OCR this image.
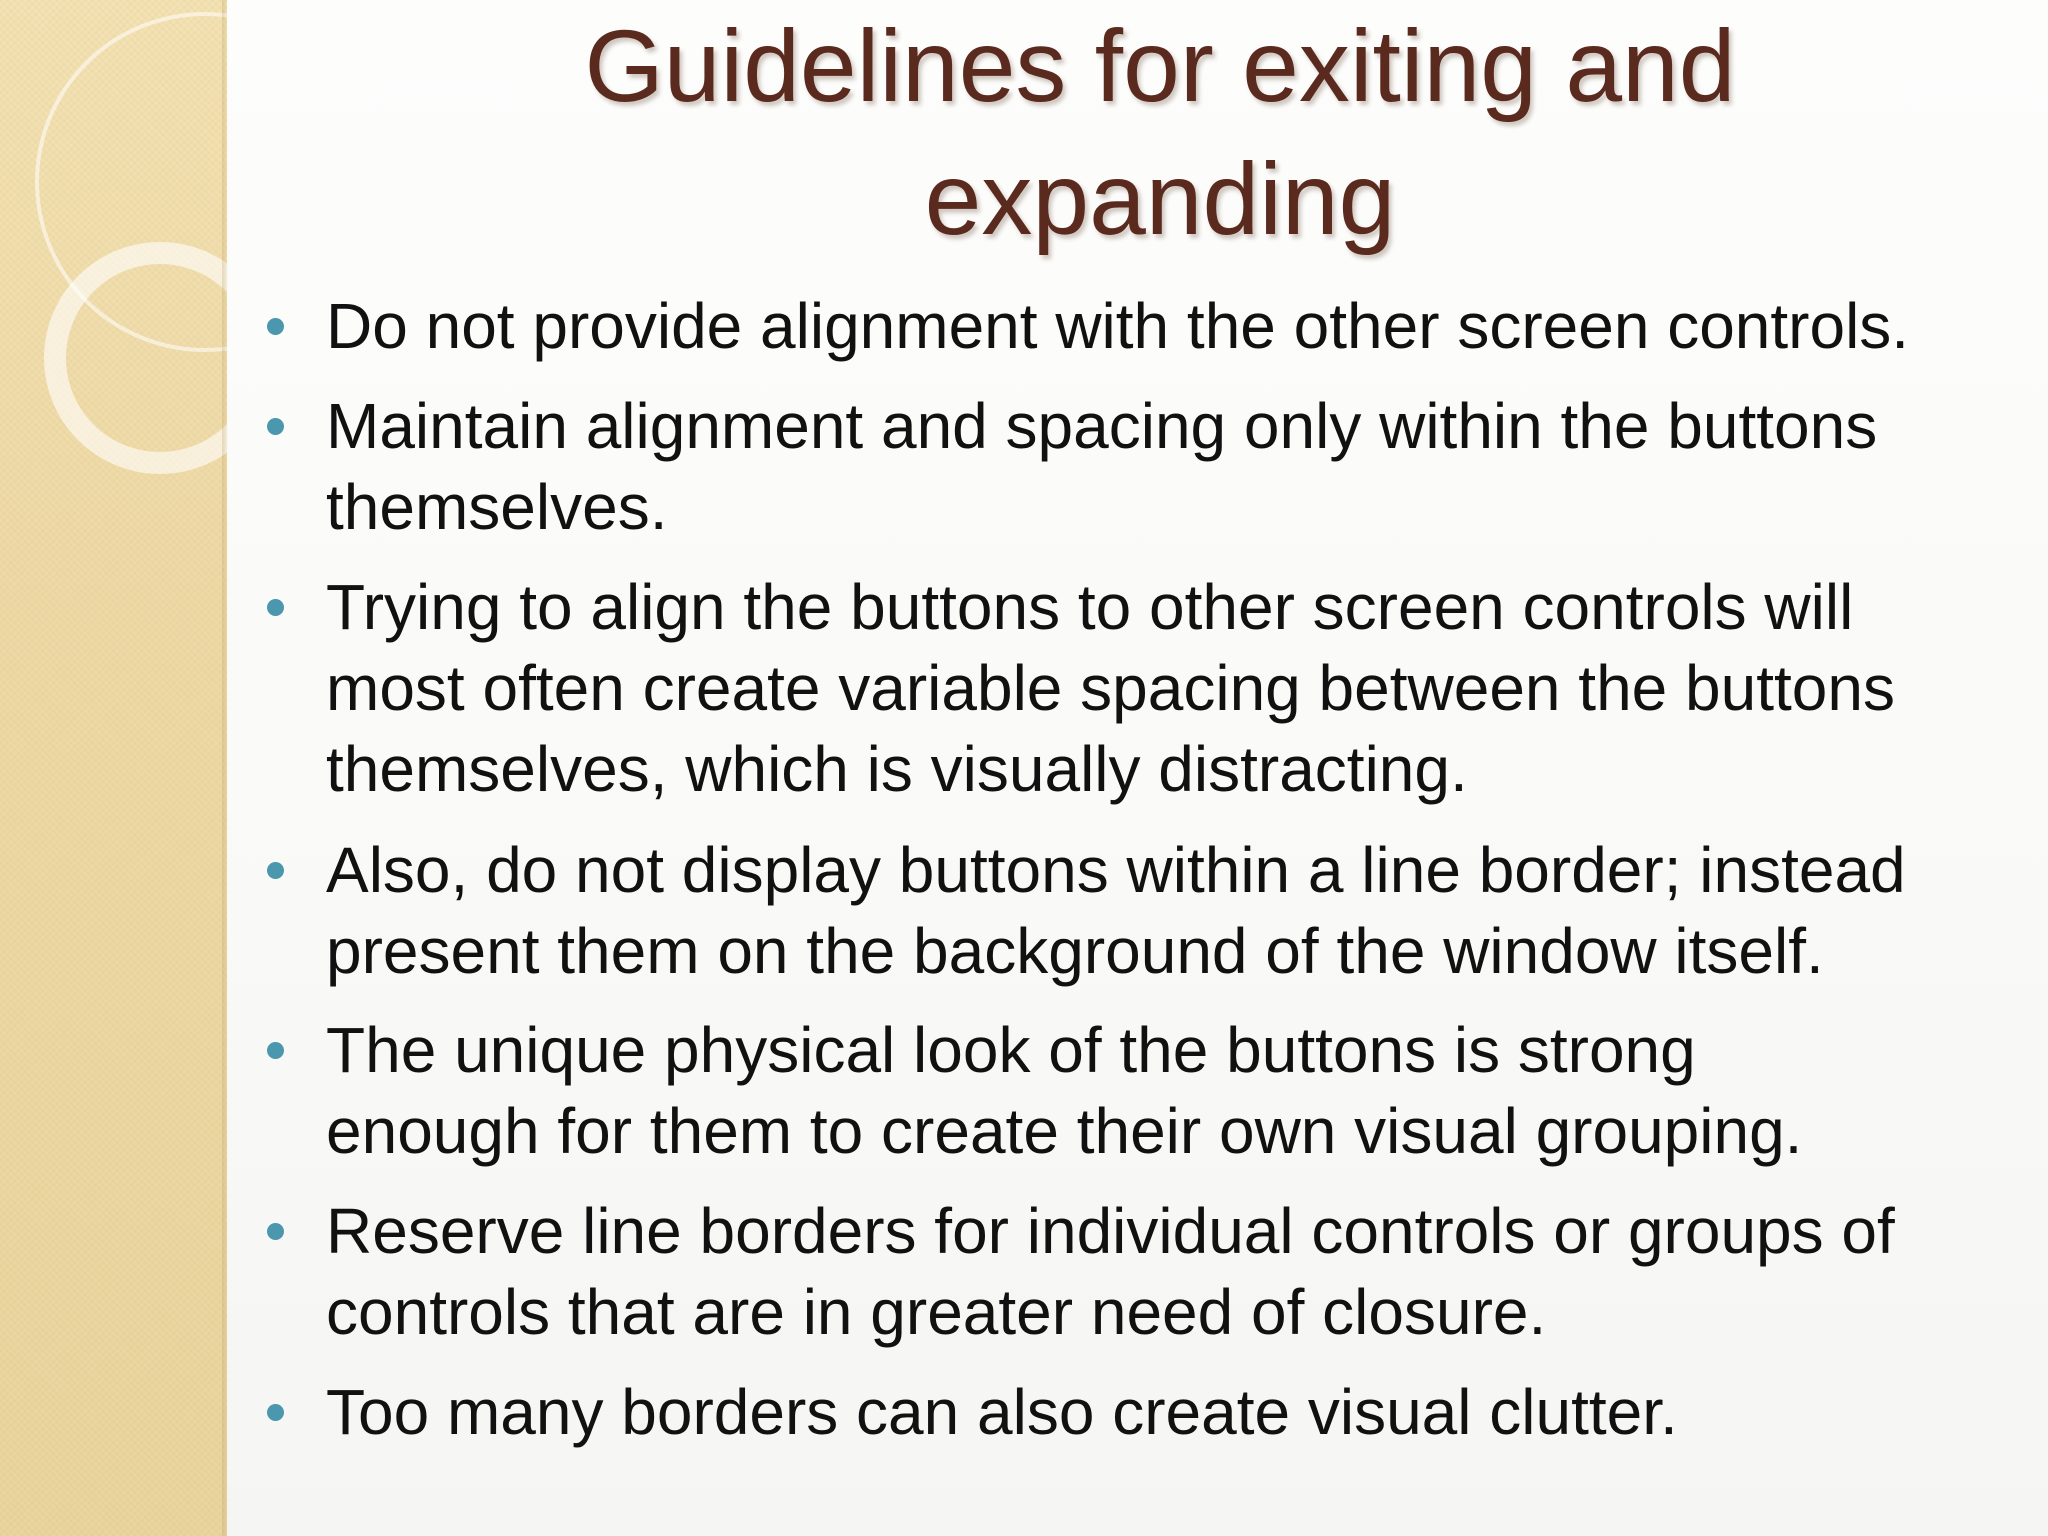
Guidelines for exiting and
expanding
Do not provide alignment with the other screen controls.
Maintain alignment and spacing only within the buttons
themselves.
Trying to align the buttons to other screen controls will
most often create variable spacing between the buttons
themselves, which is visually distracting.
Also, do not display buttons within a line border; instead
present them on the background of the window itself.
The unique physical look of the buttons is strong
enough for them to create their own visual grouping.
Reserve line borders for individual controls or groups of
controls that are in greater need of closure.
Too many borders can also create visual clutter.
